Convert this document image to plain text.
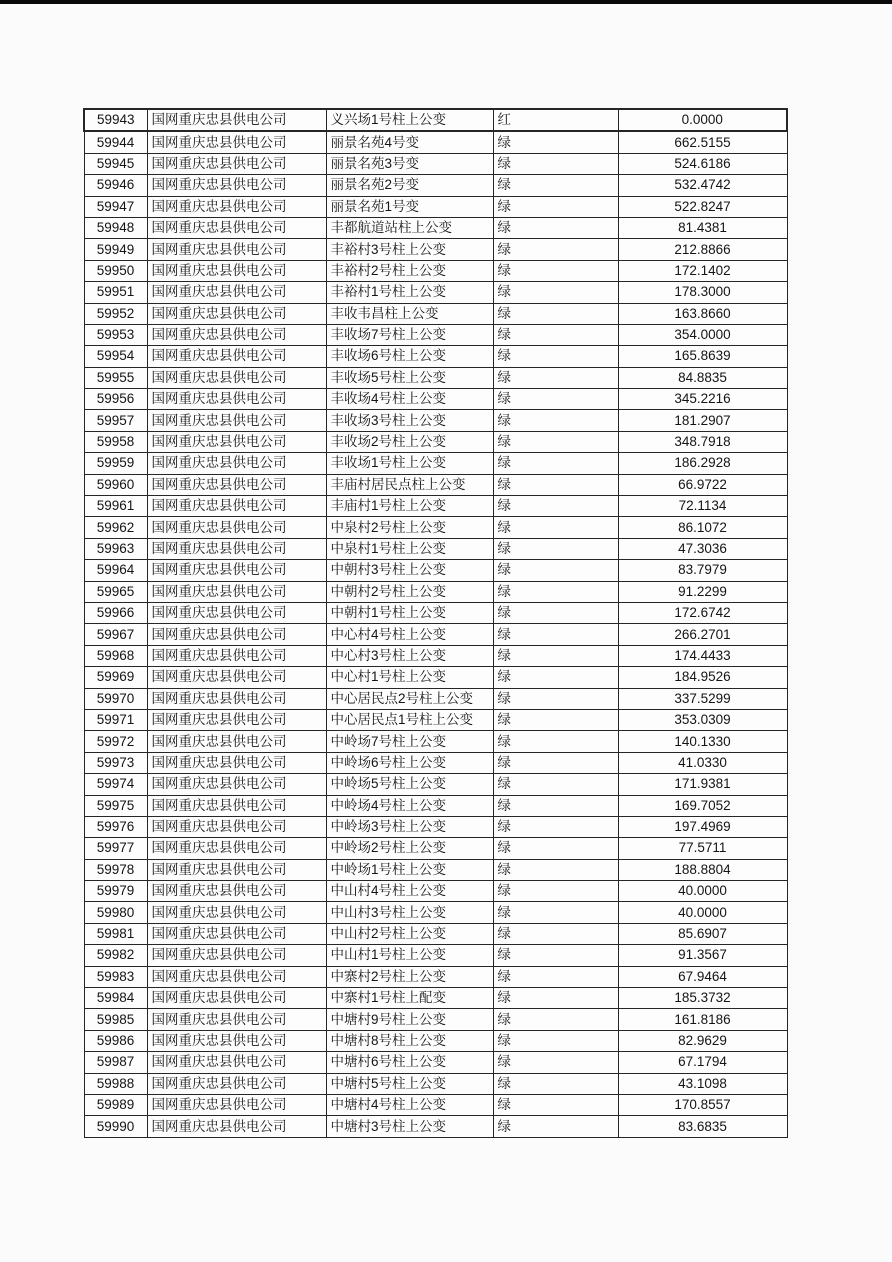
59943	国网重庆忠县供电公司	义兴场1号柱上公变	红	0.0000
59944	国网重庆忠县供电公司	丽景名苑4号变	绿	662.5155
59945	国网重庆忠县供电公司	丽景名苑3号变	绿	524.6186
59946	国网重庆忠县供电公司	丽景名苑2号变	绿	532.4742
59947	国网重庆忠县供电公司	丽景名苑1号变	绿	522.8247
59948	国网重庆忠县供电公司	丰都航道站柱上公变	绿	81.4381
59949	国网重庆忠县供电公司	丰裕村3号柱上公变	绿	212.8866
59950	国网重庆忠县供电公司	丰裕村2号柱上公变	绿	172.1402
59951	国网重庆忠县供电公司	丰裕村1号柱上公变	绿	178.3000
59952	国网重庆忠县供电公司	丰收韦昌柱上公变	绿	163.8660
59953	国网重庆忠县供电公司	丰收场7号柱上公变	绿	354.0000
59954	国网重庆忠县供电公司	丰收场6号柱上公变	绿	165.8639
59955	国网重庆忠县供电公司	丰收场5号柱上公变	绿	84.8835
59956	国网重庆忠县供电公司	丰收场4号柱上公变	绿	345.2216
59957	国网重庆忠县供电公司	丰收场3号柱上公变	绿	181.2907
59958	国网重庆忠县供电公司	丰收场2号柱上公变	绿	348.7918
59959	国网重庆忠县供电公司	丰收场1号柱上公变	绿	186.2928
59960	国网重庆忠县供电公司	丰庙村居民点柱上公变	绿	66.9722
59961	国网重庆忠县供电公司	丰庙村1号柱上公变	绿	72.1134
59962	国网重庆忠县供电公司	中泉村2号柱上公变	绿	86.1072
59963	国网重庆忠县供电公司	中泉村1号柱上公变	绿	47.3036
59964	国网重庆忠县供电公司	中朝村3号柱上公变	绿	83.7979
59965	国网重庆忠县供电公司	中朝村2号柱上公变	绿	91.2299
59966	国网重庆忠县供电公司	中朝村1号柱上公变	绿	172.6742
59967	国网重庆忠县供电公司	中心村4号柱上公变	绿	266.2701
59968	国网重庆忠县供电公司	中心村3号柱上公变	绿	174.4433
59969	国网重庆忠县供电公司	中心村1号柱上公变	绿	184.9526
59970	国网重庆忠县供电公司	中心居民点2号柱上公变	绿	337.5299
59971	国网重庆忠县供电公司	中心居民点1号柱上公变	绿	353.0309
59972	国网重庆忠县供电公司	中岭场7号柱上公变	绿	140.1330
59973	国网重庆忠县供电公司	中岭场6号柱上公变	绿	41.0330
59974	国网重庆忠县供电公司	中岭场5号柱上公变	绿	171.9381
59975	国网重庆忠县供电公司	中岭场4号柱上公变	绿	169.7052
59976	国网重庆忠县供电公司	中岭场3号柱上公变	绿	197.4969
59977	国网重庆忠县供电公司	中岭场2号柱上公变	绿	77.5711
59978	国网重庆忠县供电公司	中岭场1号柱上公变	绿	188.8804
59979	国网重庆忠县供电公司	中山村4号柱上公变	绿	40.0000
59980	国网重庆忠县供电公司	中山村3号柱上公变	绿	40.0000
59981	国网重庆忠县供电公司	中山村2号柱上公变	绿	85.6907
59982	国网重庆忠县供电公司	中山村1号柱上公变	绿	91.3567
59983	国网重庆忠县供电公司	中寨村2号柱上公变	绿	67.9464
59984	国网重庆忠县供电公司	中寨村1号柱上配变	绿	185.3732
59985	国网重庆忠县供电公司	中塘村9号柱上公变	绿	161.8186
59986	国网重庆忠县供电公司	中塘村8号柱上公变	绿	82.9629
59987	国网重庆忠县供电公司	中塘村6号柱上公变	绿	67.1794
59988	国网重庆忠县供电公司	中塘村5号柱上公变	绿	43.1098
59989	国网重庆忠县供电公司	中塘村4号柱上公变	绿	170.8557
59990	国网重庆忠县供电公司	中塘村3号柱上公变	绿	83.6835
